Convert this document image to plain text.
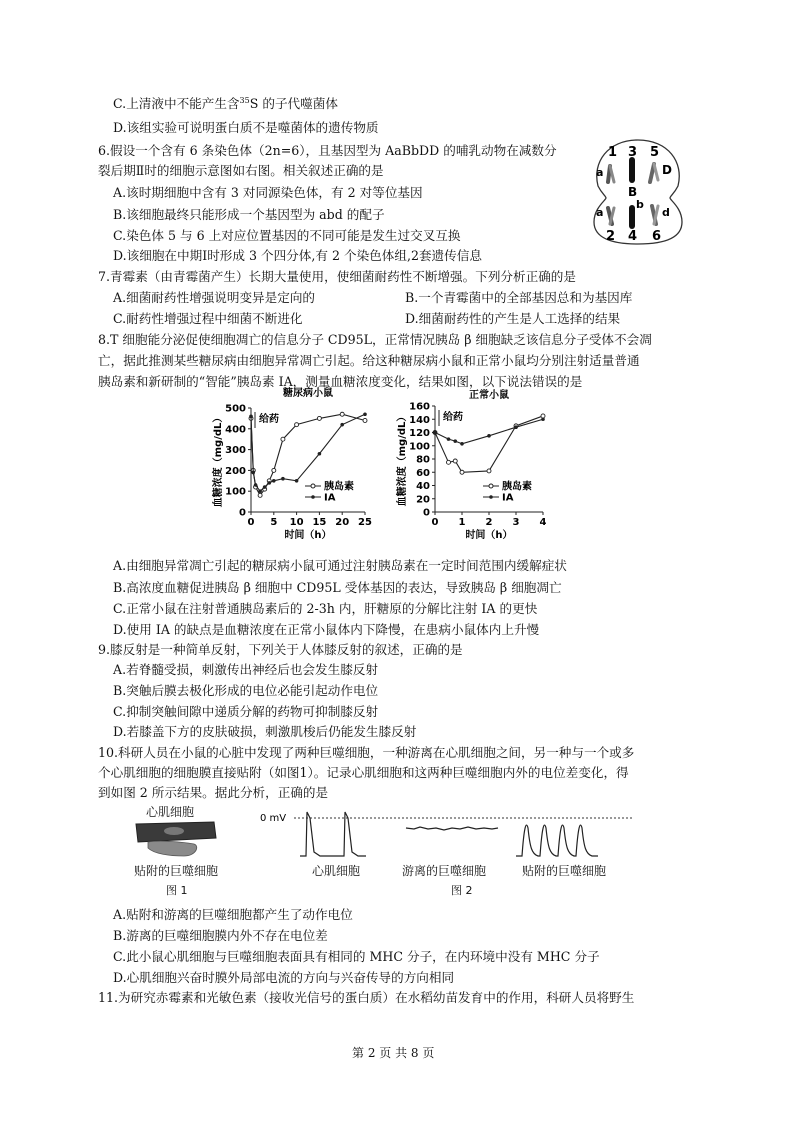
C.上清液中不能产生含$^{35}$S 的子代噬菌体
D.该组实验可说明蛋白质不是噬菌体的遗传物质
6.假设一个含有 6 条染色体（2n=6），且基因型为 AaBbDD 的哺乳动物在减数分
裂后期Ⅱ时的细胞示意图如右图。相关叙述正确的是
A.该时期细胞中含有 3 对同源染色体，有 2 对等位基因
B.该细胞最终只能形成一个基因型为 abd 的配子
C.染色体 5 与 6 上对应位置基因的不同可能是发生过交叉互换
D.该细胞在中期Ⅰ时形成 3 个四分体,有 2 个染色体组,2套遗传信息
1 3 5
a
B
D
a
b
d
2 4 6
7.青霉素（由青霉菌产生）长期大量使用，使细菌耐药性不断增强。下列分析正确的是
A.细菌耐药性增强说明变异是定向的	B.一个青霉菌中的全部基因总和为基因库
C.耐药性增强过程中细菌不断进化	D.细菌耐药性的产生是人工选择的结果
8.T 细胞能分泌促使细胞凋亡的信息分子 CD95L，正常情况胰岛 β 细胞缺乏该信息分子受体不会凋
亡，据此推测某些糖尿病由细胞异常凋亡引起。给这种糖尿病小鼠和正常小鼠均分别注射适量普通
胰岛素和新研制的“智能”胰岛素 IA，测量血糖浓度变化，结果如图，以下说法错误的是
糖尿病小鼠
0
100
200
300
400
500
0 5 10 15 20 25
时间（h）
血糖浓度（mg/dL）	给药
胰岛素
IA
正常小鼠
0
20
40
60
80
100
120
140
160
0 1 2 3 4
时间（h）
血糖浓度（mg/dL）	给药
胰岛素
IA
A.由细胞异常凋亡引起的糖尿病小鼠可通过注射胰岛素在一定时间范围内缓解症状
B.高浓度血糖促进胰岛 β 细胞中 CD95L 受体基因的表达，导致胰岛 β 细胞凋亡
C.正常小鼠在注射普通胰岛素后的 2-3h 内，肝糖原的分解比注射 IA 的更快
D.使用 IA 的缺点是血糖浓度在正常小鼠体内下降慢，在患病小鼠体内上升慢
9.膝反射是一种简单反射，下列关于人体膝反射的叙述，正确的是
A.若脊髓受损，刺激传出神经后也会发生膝反射
B.突触后膜去极化形成的电位必能引起动作电位
C.抑制突触间隙中递质分解的药物可抑制膝反射
D.若膝盖下方的皮肤破损，刺激肌梭后仍能发生膝反射
10.科研人员在小鼠的心脏中发现了两种巨噬细胞，一种游离在心肌细胞之间，另一种与一个或多
个心肌细胞的细胞膜直接贴附（如图1）。记录心肌细胞和这两种巨噬细胞内外的电位差变化，得
到如图 2 所示结果。据此分析，正确的是
心肌细胞
贴附的巨噬细胞
图 1
0 mV
心肌细胞	游离的巨噬细胞	贴附的巨噬细胞
图 2
A.贴附和游离的巨噬细胞都产生了动作电位
B.游离的巨噬细胞膜内外不存在电位差
C.此小鼠心肌细胞与巨噬细胞表面具有相同的 MHC 分子，在内环境中没有 MHC 分子
D.心肌细胞兴奋时膜外局部电流的方向与兴奋传导的方向相同
11.为研究赤霉素和光敏色素（接收光信号的蛋白质）在水稻幼苗发育中的作用，科研人员将野生
第 2 页 共 8 页
